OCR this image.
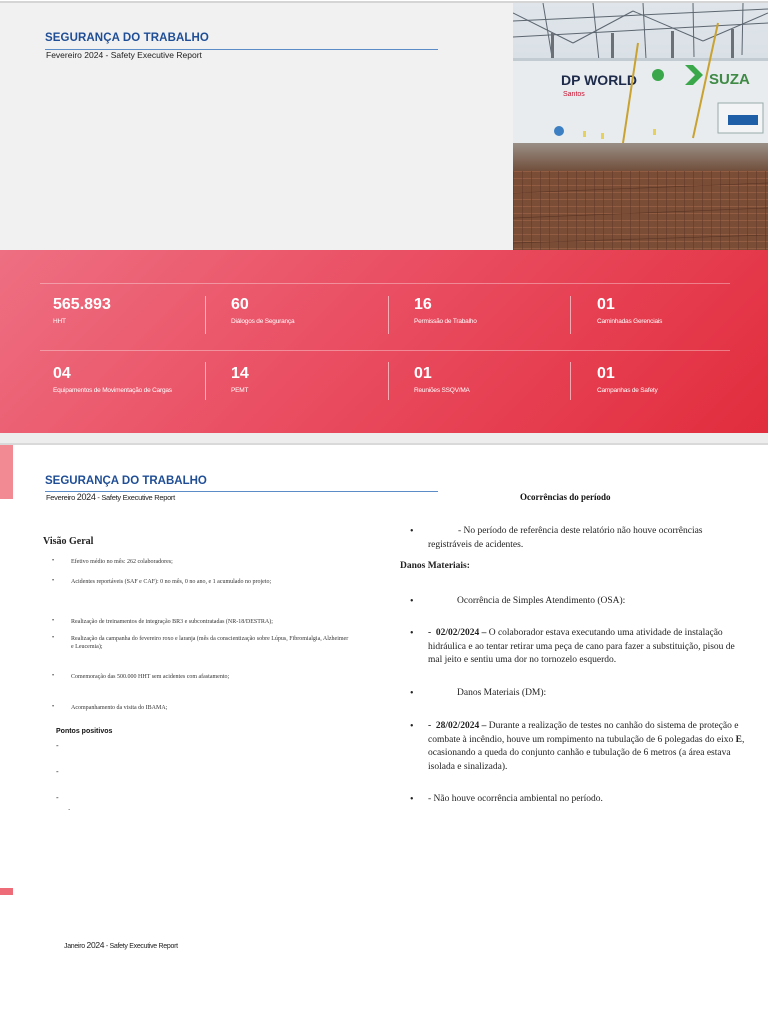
SEGURANÇA DO TRABALHO
Fevereiro 2024 - Safety Executive Report
DP WORLD
Santos
SUZA
565.893
HHT
60
Diálogos de Segurança
16
Permissão de Trabalho
01
Caminhadas Gerenciais
04
Equipamentos de Movimentação de Cargas
14
PEMT
01
Reuniões SSQV/MA
01
Campanhas de Safety
SEGURANÇA DO TRABALHO
Fevereiro 2024 - Safety Executive Report
Visão Geral
•	Efetivo médio no mês: 262 colaboradores;
•	Acidentes reportáveis (SAF e CAF): 0 no mês, 0 no ano, e 1 acumulado no projeto;
•	Realização de treinamentos de integração BR3 e subcontratadas (NR-18/DESTRA);
•	Realização da campanha do fevereiro roxo e laranja (mês da conscientização sobre Lúpus, Fibromialgia, Alzheimer e Leucemia);
•	Comemoração das 500.000 HHT sem acidentes com afastamento;
•	Acompanhamento da visita do IBAMA;
Pontos positivos
-
-
-
.
Ocorrências do período
•	- No período de referência deste relatório não houve ocorrências registráveis de acidentes.
Danos Materiais:
•	Ocorrência de Simples Atendimento (OSA):
• -  02/02/2024 – O colaborador estava executando uma atividade de instalação hidráulica e ao tentar retirar uma peça de cano para fazer a substituição, pisou de mal jeito e sentiu uma dor no tornozelo esquerdo.
•	Danos Materiais (DM):
• -  28/02/2024 – Durante a realização de testes no canhão do sistema de proteção e combate à incêndio, houve um rompimento na tubulação de 6 polegadas do eixo E, ocasionando a queda do conjunto canhão e tubulação de 6 metros (a área estava isolada e sinalizada).
• - Não houve ocorrência ambiental no período.
Janeiro 2024 - Safety Executive Report
